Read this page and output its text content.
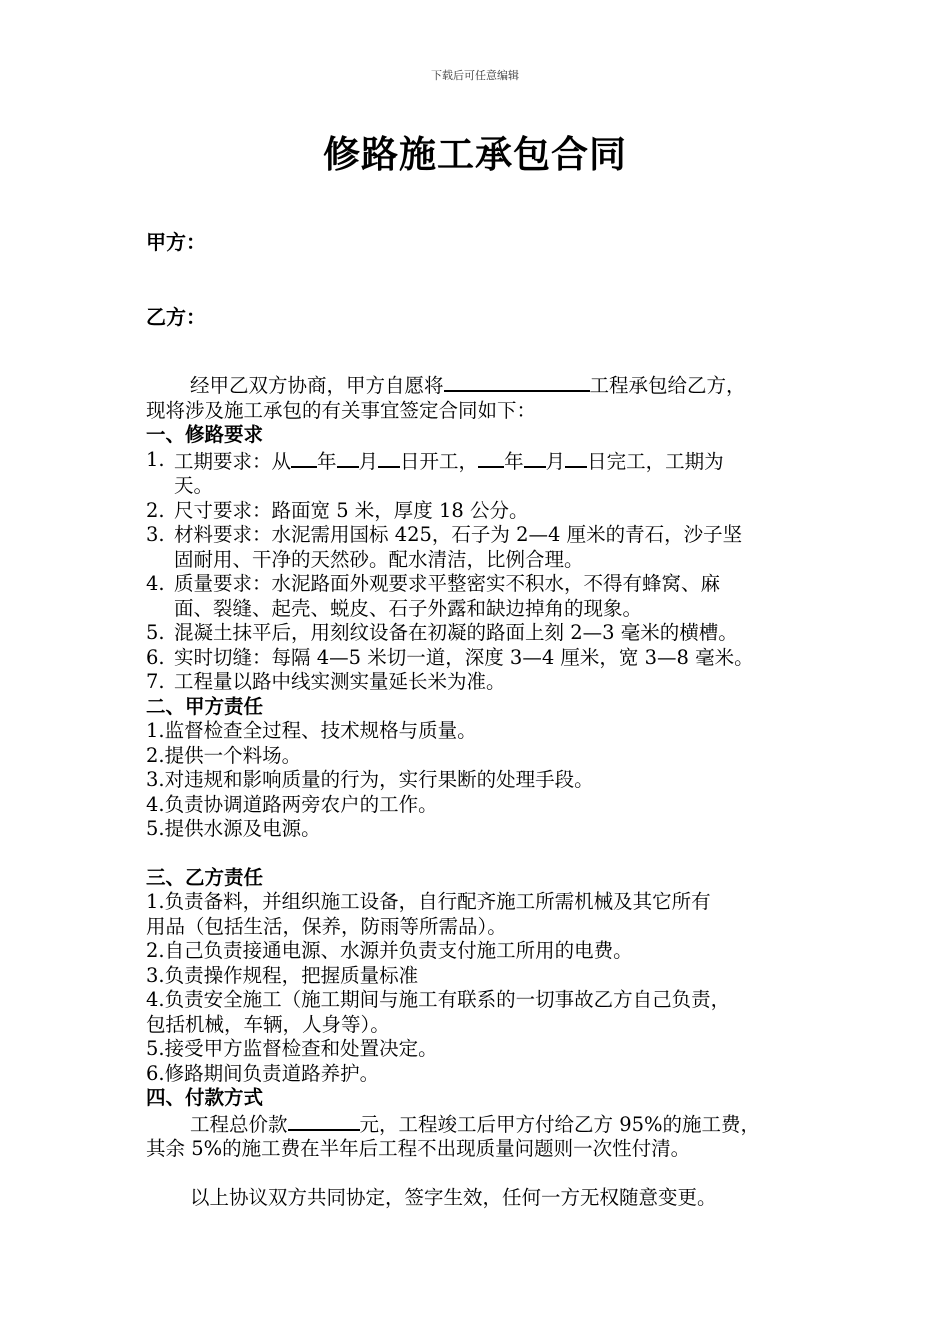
下载后可任意编辑
修路施工承包合同
甲方：
乙方：
经甲乙双方协商，甲方自愿将	工程承包给乙方，
现将涉及施工承包的有关事宜签定合同如下：
一、修路要求
1. 工期要求：从 年 月 日开工， 年 月 日完工，工期为
天。
2. 尺寸要求：路面宽 5 米，厚度 18 公分。
3. 材料要求：水泥需用国标 425，石子为 2—4 厘米的青石，沙子坚
固耐用、干净的天然砂。配水清洁，比例合理。
4. 质量要求：水泥路面外观要求平整密实不积水，不得有蜂窝、麻
面、裂缝、起壳、蜕皮、石子外露和缺边掉角的现象。
5. 混凝土抹平后，用刻纹设备在初凝的路面上刻 2—3 毫米的横槽。
6. 实时切缝：每隔 4—5 米切一道，深度 3—4 厘米，宽 3—8 毫米。
7. 工程量以路中线实测实量延长米为准。
二、甲方责任
1.监督检查全过程、技术规格与质量。
2.提供一个料场。
3.对违规和影响质量的行为，实行果断的处理手段。
4.负责协调道路两旁农户的工作。
5.提供水源及电源。
三、乙方责任
1.负责备料，并组织施工设备，自行配齐施工所需机械及其它所有
用品（包括生活，保养，防雨等所需品）。
2.自己负责接通电源、水源并负责支付施工所用的电费。
3.负责操作规程，把握质量标准
4.负责安全施工（施工期间与施工有联系的一切事故乙方自己负责，
包括机械，车辆，人身等）。
5.接受甲方监督检查和处置决定。
6.修路期间负责道路养护。
四、付款方式
工程总价款	元，工程竣工后甲方付给乙方 95%的施工费，
其余 5%的施工费在半年后工程不出现质量问题则一次性付清。
以上协议双方共同协定，签字生效，任何一方无权随意变更。
